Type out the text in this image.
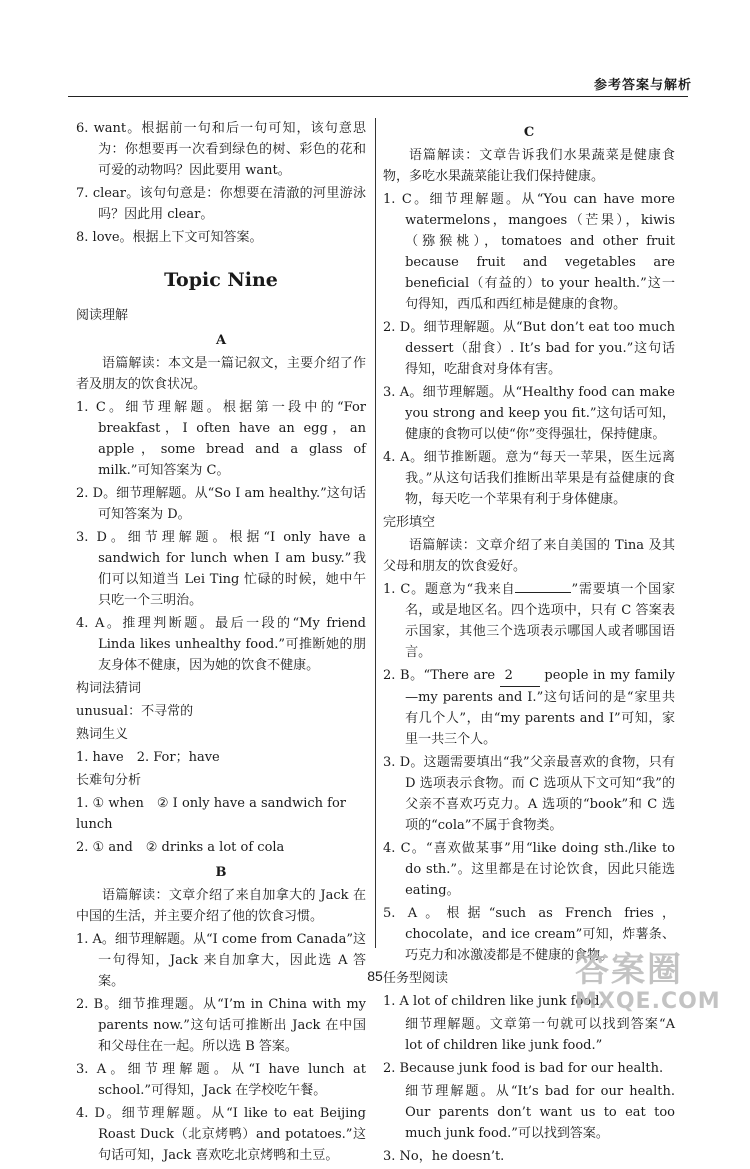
参考答案与解析
6. want。根据前一句和后一句可知，该句意思为：你想要再一次看到绿色的树、彩色的花和可爱的动物吗？因此要用 want。
7. clear。该句句意是：你想要在清澈的河里游泳吗？因此用 clear。
8. love。根据上下文可知答案。
Topic Nine
阅读理解
A
语篇解读：本文是一篇记叙文，主要介绍了作者及朋友的饮食状况。
1. C。细节理解题。根据第一段中的“For breakfast，I often have an egg，an apple，some bread and a glass of milk.”可知答案为 C。
2. D。细节理解题。从“So I am healthy.”这句话可知答案为 D。
3. D。细节理解题。根据“I only have a sandwich for lunch when I am busy.”我们可以知道当 Lei Ting 忙碌的时候，她中午只吃一个三明治。
4. A。推理判断题。最后一段的“My friend Linda likes unhealthy food.”可推断她的朋友身体不健康，因为她的饮食不健康。
构词法猜词
unusual：不寻常的
熟词生义
1. have　2. For；have
长难句分析
1. ① when　② I only have a sandwich for lunch
2. ① and　② drinks a lot of cola
B
语篇解读：文章介绍了来自加拿大的 Jack 在中国的生活，并主要介绍了他的饮食习惯。
1. A。细节理解题。从“I come from Canada”这一句得知，Jack 来自加拿大，因此选 A 答案。
2. B。细节推理题。从“I’m in China with my parents now.”这句话可推断出 Jack 在中国和父母住在一起。所以选 B 答案。
3. A。细节理解题。从“I have lunch at school.”可得知，Jack 在学校吃午餐。
4. D。细节理解题。从“I like to eat Beijing Roast Duck（北京烤鸭）and potatoes.”这句话可知，Jack 喜欢吃北京烤鸭和土豆。
C
语篇解读：文章告诉我们水果蔬菜是健康食物，多吃水果蔬菜能让我们保持健康。
1. C。细节理解题。从“You can have more watermelons，mangoes（芒果），kiwis（猕猴桃），tomatoes and other fruit because fruit and vegetables are beneficial（有益的）to your health.”这一句得知，西瓜和西红柿是健康的食物。
2. D。细节理解题。从“But don’t eat too much dessert（甜食）. It’s bad for you.”这句话得知，吃甜食对身体有害。
3. A。细节理解题。从“Healthy food can make you strong and keep you fit.”这句话可知，健康的食物可以使“你”变得强壮，保持健康。
4. A。细节推断题。意为“每天一苹果，医生远离我。”从这句话我们推断出苹果是有益健康的食物，每天吃一个苹果有利于身体健康。
完形填空
语篇解读：文章介绍了来自美国的 Tina 及其父母和朋友的饮食爱好。
1. C。题意为“我来自	”需要填一个国家名，或是地区名。四个选项中，只有 C 答案表示国家，其他三个选项表示哪国人或者哪国语言。
2. B。“There are 2 people in my family—my parents and I.”这句话问的是“家里共有几个人”，由“my parents and I”可知，家里一共三个人。
3. D。这题需要填出“我”父亲最喜欢的食物，只有 D 选项表示食物。而 C 选项从下文可知“我”的父亲不喜欢巧克力。A 选项的“book”和 C 选项的“cola”不属于食物类。
4. C。“喜欢做某事”用“like doing sth./like to do sth.”。这里都是在讨论饮食，因此只能选 eating。
5. A。根据“such as French fries，chocolate，and ice cream”可知，炸薯条、巧克力和冰激凌都是不健康的食物。
任务型阅读
1. A lot of children like junk food.
细节理解题。文章第一句就可以找到答案“A lot of children like junk food.”
2. Because junk food is bad for our health.
细节理解题。从“It’s bad for our health. Our parents don’t want us to eat too much junk food.”可以找到答案。
3. No，he doesn’t.
85	答案圈
MXQE.COM
